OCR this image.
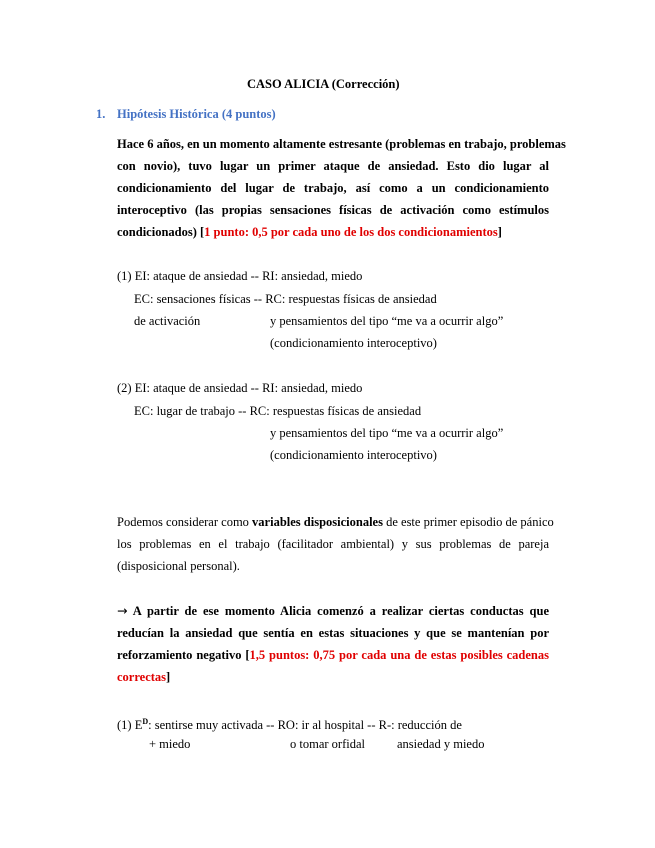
CASO ALICIA (Corrección)
1. Hipótesis Histórica (4 puntos)
Hace 6 años, en un momento altamente estresante (problemas en trabajo, problemas
con novio), tuvo lugar un primer ataque de ansiedad. Esto dio lugar al
condicionamiento del lugar de trabajo, así como a un condicionamiento
interoceptivo (las propias sensaciones físicas de activación como estímulos
condicionados) [1 punto: 0,5 por cada uno de los dos condicionamientos]
(1) EI: ataque de ansiedad -- RI: ansiedad, miedo
EC: sensaciones físicas -- RC: respuestas físicas de ansiedad
de activación	y pensamientos del tipo “me va a ocurrir algo”
(condicionamiento interoceptivo)
(2) EI: ataque de ansiedad -- RI: ansiedad, miedo
EC: lugar de trabajo -- RC: respuestas físicas de ansiedad
y pensamientos del tipo “me va a ocurrir algo”
(condicionamiento interoceptivo)
Podemos considerar como variables disposicionales de este primer episodio de pánico
los problemas en el trabajo (facilitador ambiental) y sus problemas de pareja
(disposicional personal).
→ A partir de ese momento Alicia comenzó a realizar ciertas conductas que
reducían la ansiedad que sentía en estas situaciones y que se mantenían por
reforzamiento negativo [1,5 puntos: 0,75 por cada una de estas posibles cadenas
correctas]
(1) $E^D$: sentirse muy activada -- RO: ir al hospital -- R-: reducción de
+ miedo	o tomar orfidal	ansiedad y miedo
